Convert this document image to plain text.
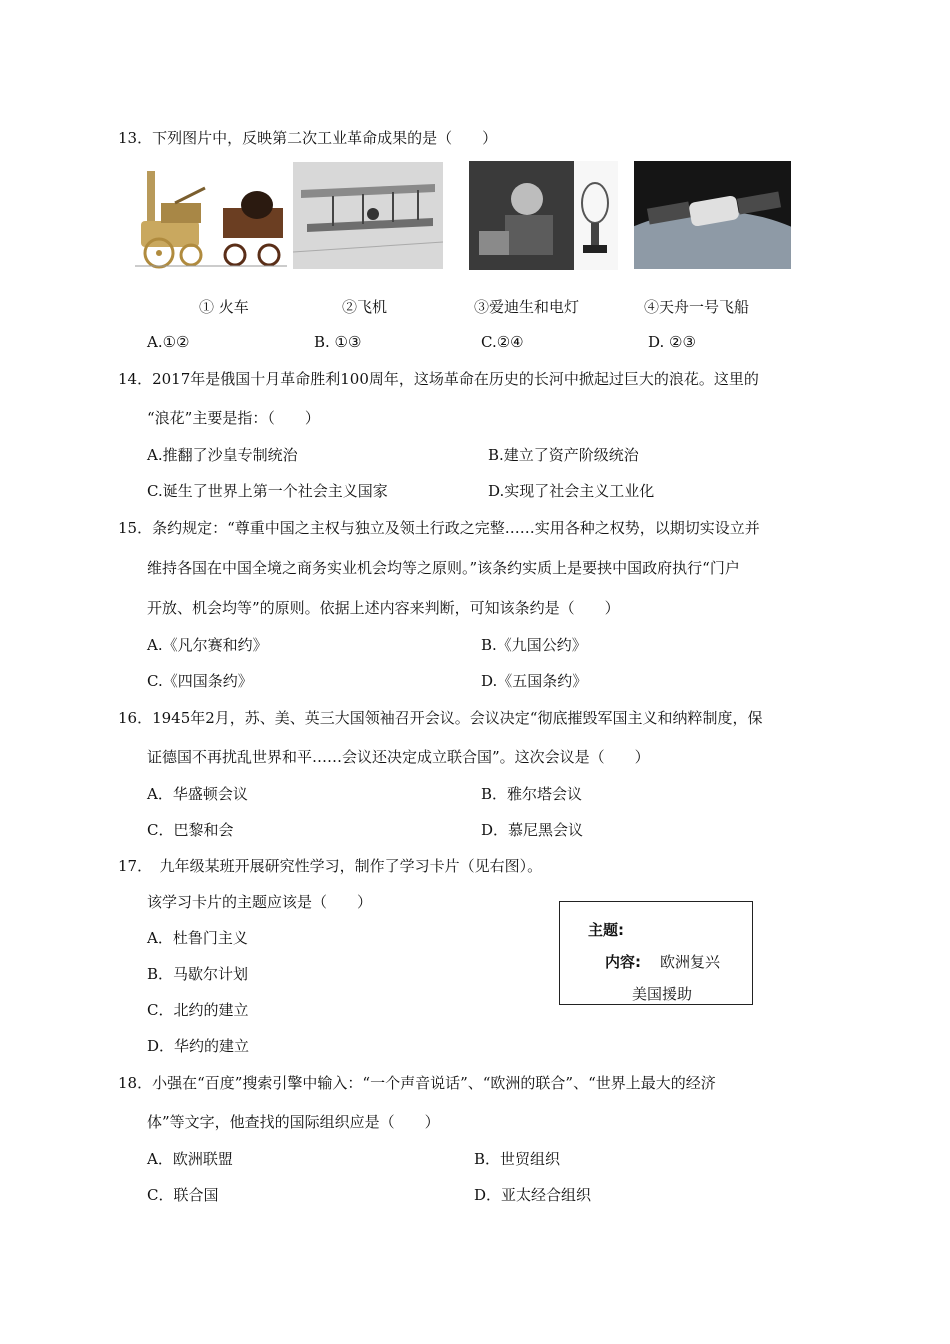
13．下列图片中，反映第二次工业革命成果的是（　　）
① 火车	②飞机	③爱迪生和电灯	④天舟一号飞船
A.①②	B. ①③	C.②④	D. ②③
14．2017年是俄国十月革命胜利100周年，这场革命在历史的长河中掀起过巨大的浪花。这里的
“浪花”主要是指：（　　）
A.推翻了沙皇专制统治	B.建立了资产阶级统治
C.诞生了世界上第一个社会主义国家	D.实现了社会主义工业化
15．条约规定：“尊重中国之主权与独立及领土行政之完整……实用各种之权势，以期切实设立并
维持各国在中国全境之商务实业机会均等之原则。”该条约实质上是要挟中国政府执行“门户
开放、机会均等”的原则。依据上述内容来判断，可知该条约是（　　）
A.《凡尔赛和约》	B.《九国公约》
C.《四国条约》	D.《五国条约》
16．1945年2月，苏、美、英三大国领袖召开会议。会议决定“彻底摧毁军国主义和纳粹制度，保
证德国不再扰乱世界和平……会议还决定成立联合国”。这次会议是（　　）
A．华盛顿会议	B．雅尔塔会议
C．巴黎和会	D．慕尼黑会议
17．　九年级某班开展研究性学习，制作了学习卡片（见右图）。
该学习卡片的主题应该是（　　）
A．杜鲁门主义
B．马歇尔计划
C．北约的建立
D．华约的建立
主题:
内容: 欧洲复兴
美国援助
18．小强在“百度”搜索引擎中输入：“一个声音说话”、“欧洲的联合”、“世界上最大的经济
体”等文字，他查找的国际组织应是（　　）
A．欧洲联盟	B．世贸组织
C．联合国	D．亚太经合组织
